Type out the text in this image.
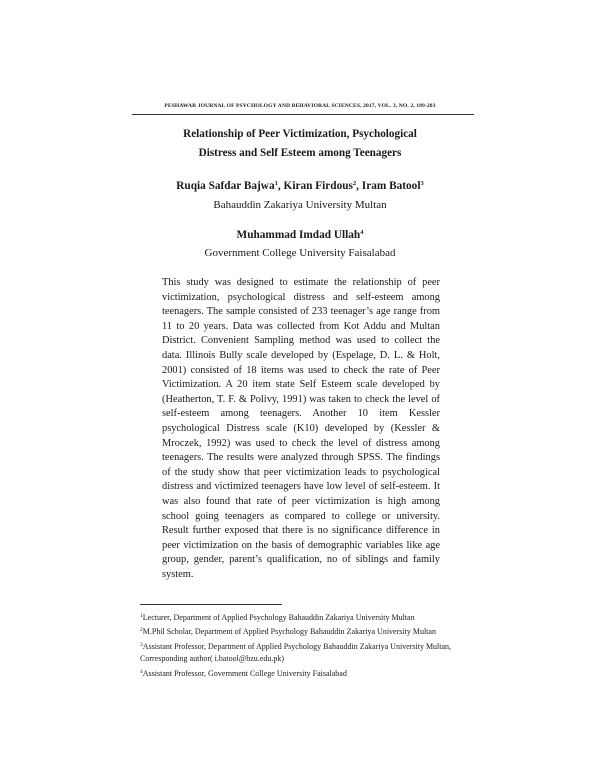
PESHAWAR JOURNAL OF PSYCHOLOGY AND BEHAVIORAL SCIENCES, 2017, VOL. 3, NO. 2, 189-203
Relationship of Peer Victimization, Psychological
Distress and Self Esteem among Teenagers
Ruqia Safdar Bajwa$^1$, Kiran Firdous$^2$, Iram Batool$^3$
Bahauddin Zakariya University Multan
Muhammad Imdad Ullah$^4$
Government College University Faisalabad

This study was designed to estimate the relationship of peer victimization, psychological distress and self-esteem among teenagers. The sample consisted of 233 teenager’s age range from 11 to 20 years. Data was collected from Kot Addu and Multan District. Convenient Sampling method was used to collect the data. Illinois Bully scale developed by (Espelage, D. L. & Holt, 2001) consisted of 18 items was used to check the rate of Peer Victimization. A 20 item state Self Esteem scale developed by (Heatherton, T. F. & Polivy, 1991) was taken to check the level of self-esteem among teenagers. Another 10 item Kessler psychological Distress scale (K10) developed by (Kessler & Mroczek, 1992) was used to check the level of distress among teenagers. The results were analyzed through SPSS. The findings of the study show that peer victimization leads to psychological distress and victimized teenagers have low level of self-esteem. It was also found that rate of peer victimization is high among school going teenagers as compared to college or university. Result further exposed that there is no significance difference in peer victimization on the basis of demographic variables like age group, gender, parent’s qualification, no of siblings and family system.

$^1$Lecturer, Department of Applied Psychology Bahauddin Zakariya University Multan
$^2$M.Phil Scholar, Department of Applied Psychology Bahauddin Zakariya University Multan
$^3$Assistant Professor, Department of Applied Psychology Bahauddin Zakariya University Multan, Corresponding author( i.batool@bzu.edu.pk)
$^4$Assistant Professor, Government College University Faisalabad
